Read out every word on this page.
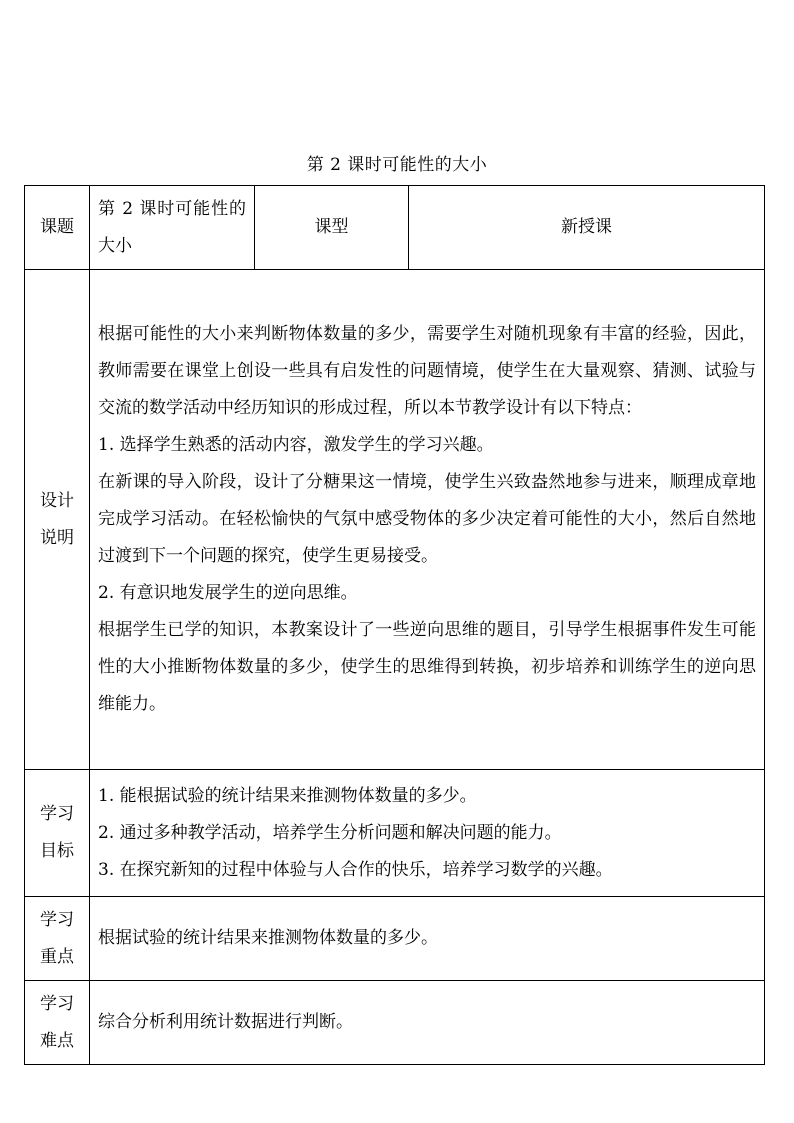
第 2 课时可能性的大小
课题	第 2 课时可能性的大小	课型	新授课
设计说明	根据可能性的大小来判断物体数量的多少，需要学生对随机现象有丰富的经验，因此，教师需要在课堂上创设一些具有启发性的问题情境，使学生在大量观察、猜测、试验与交流的数学活动中经历知识的形成过程，所以本节教学设计有以下特点：

1. 选择学生熟悉的活动内容，激发学生的学习兴趣。

在新课的导入阶段，设计了分糖果这一情境，使学生兴致盎然地参与进来，顺理成章地完成学习活动。在轻松愉快的气氛中感受物体的多少决定着可能性的大小，然后自然地过渡到下一个问题的探究，使学生更易接受。

2. 有意识地发展学生的逆向思维。

根据学生已学的知识，本教案设计了一些逆向思维的题目，引导学生根据事件发生可能性的大小推断物体数量的多少，使学生的思维得到转换，初步培养和训练学生的逆向思维能力。		

学习目标	1. 能根据试验的统计结果来推测物体数量的多少。

2. 通过多种教学活动，培养学生分析问题和解决问题的能力。

3. 在探究新知的过程中体验与人合作的快乐，培养学习数学的兴趣。		

学习重点	根据试验的统计结果来推测物体数量的多少。		
学习难点	综合分析利用统计数据进行判断。		
